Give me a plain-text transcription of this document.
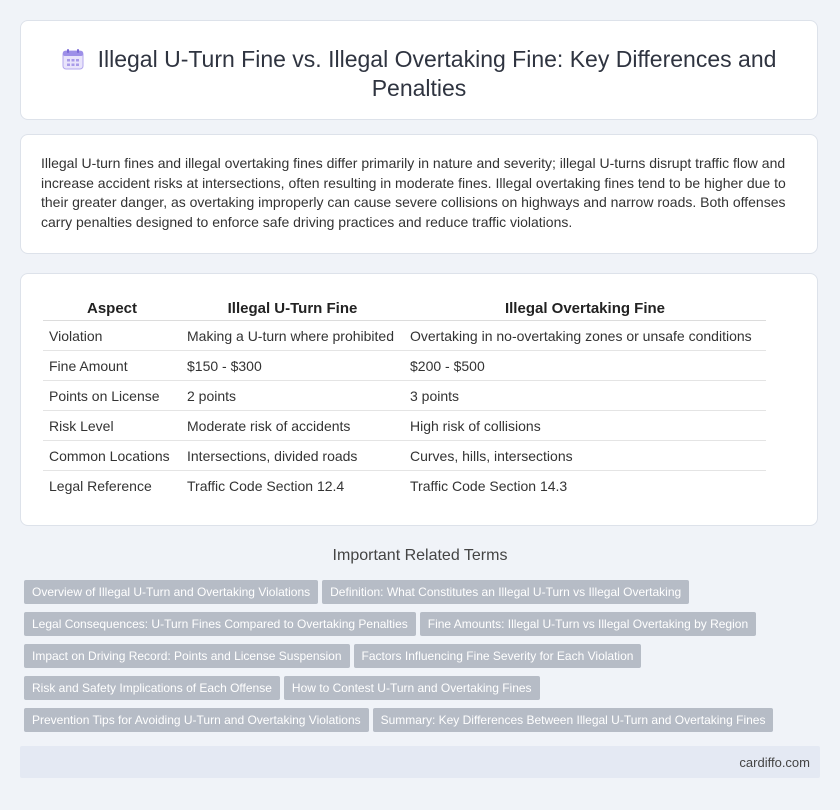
Illegal U-Turn Fine vs. Illegal Overtaking Fine: Key Differences and Penalties
Illegal U-turn fines and illegal overtaking fines differ primarily in nature and severity; illegal U-turns disrupt traffic flow and increase accident risks at intersections, often resulting in moderate fines. Illegal overtaking fines tend to be higher due to their greater danger, as overtaking improperly can cause severe collisions on highways and narrow roads. Both offenses carry penalties designed to enforce safe driving practices and reduce traffic violations.
Aspect	Illegal U-Turn Fine	Illegal Overtaking Fine
Violation	Making a U-turn where prohibited	Overtaking in no-overtaking zones or unsafe conditions
Fine Amount	$150 - $300	$200 - $500
Points on License	2 points	3 points
Risk Level	Moderate risk of accidents	High risk of collisions
Common Locations	Intersections, divided roads	Curves, hills, intersections
Legal Reference	Traffic Code Section 12.4	Traffic Code Section 14.3
Important Related Terms
Overview of Illegal U-Turn and Overtaking Violations Definition: What Constitutes an Illegal U-Turn vs Illegal Overtaking
Legal Consequences: U-Turn Fines Compared to Overtaking Penalties Fine Amounts: Illegal U-Turn vs Illegal Overtaking by Region
Impact on Driving Record: Points and License Suspension Factors Influencing Fine Severity for Each Violation
Risk and Safety Implications of Each Offense How to Contest U-Turn and Overtaking Fines
Prevention Tips for Avoiding U-Turn and Overtaking Violations Summary: Key Differences Between Illegal U-Turn and Overtaking Fines
cardiffo.com
